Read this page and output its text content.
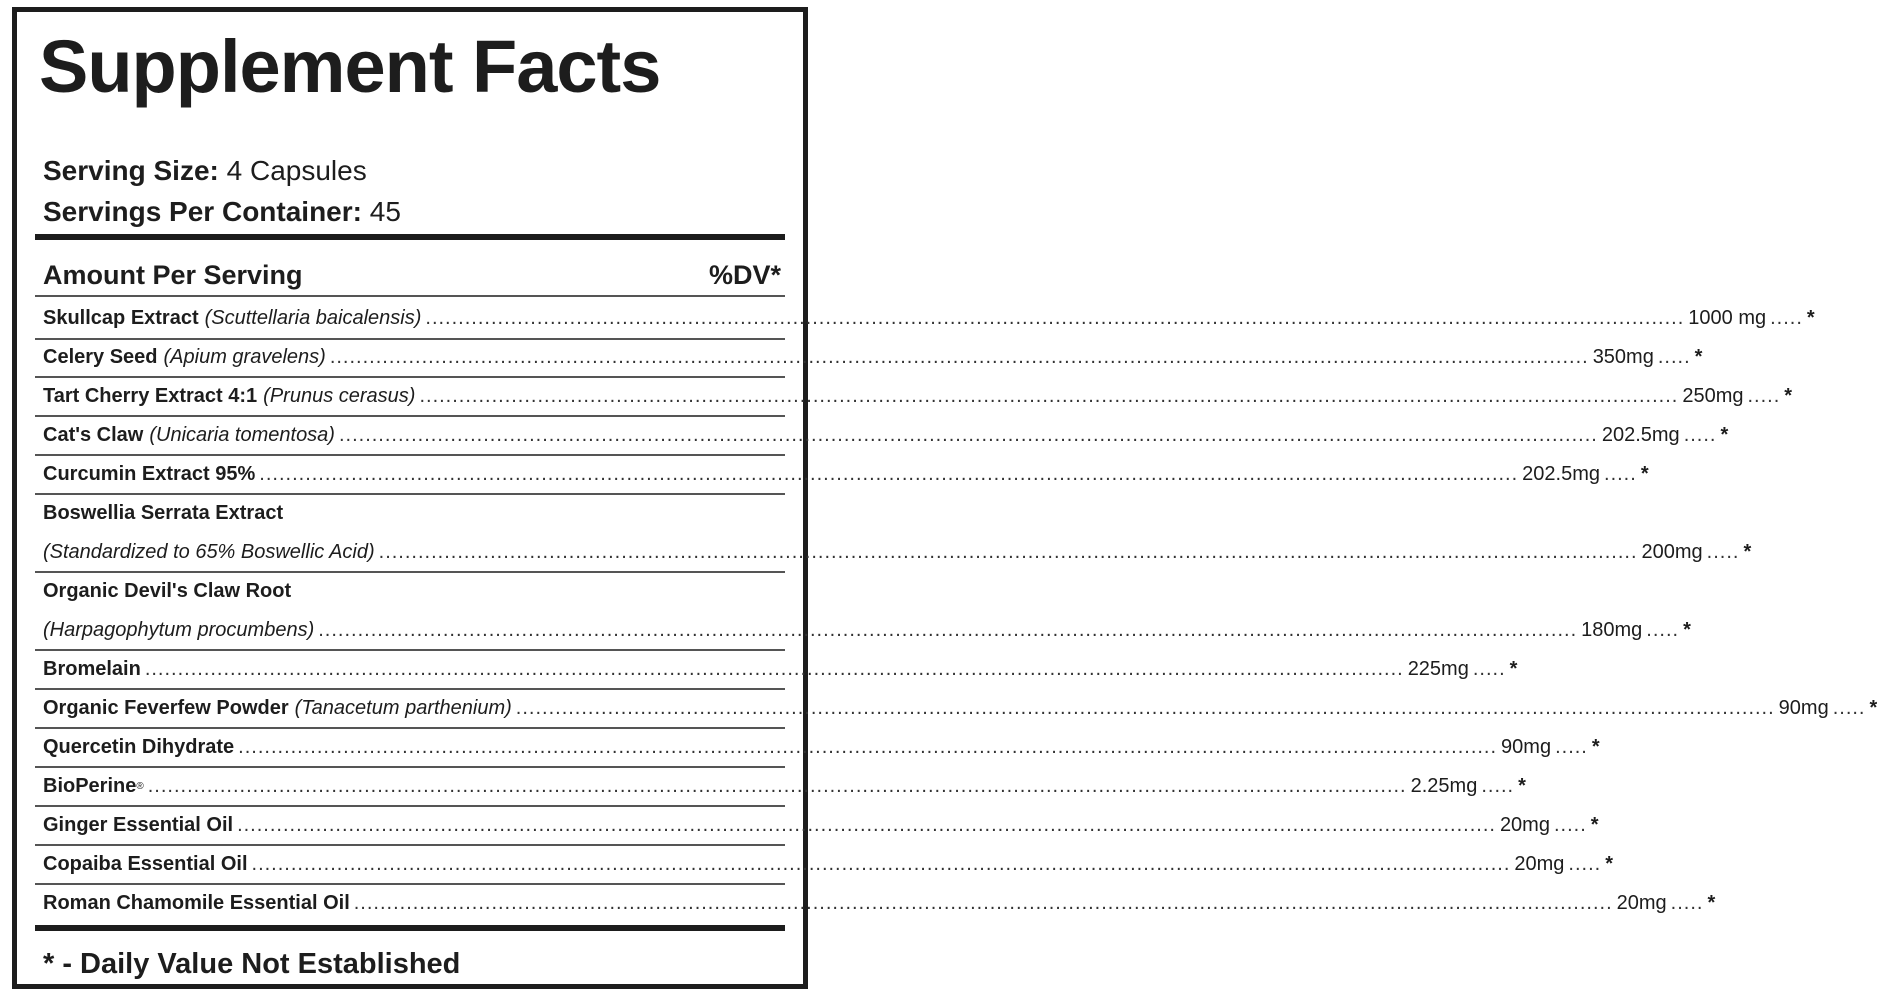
Supplement Facts
Serving Size: 4 Capsules
Servings Per Container: 45
Amount Per Serving	%DV*
Skullcap Extract (Scuttellaria baicalensis) .....	1000 mg ..... *
Celery Seed (Apium gravelens) .....	350mg ..... *
Tart Cherry Extract 4:1 (Prunus cerasus) .....	250mg ..... *
Cat's Claw (Unicaria tomentosa) .....	202.5mg ..... *
Curcumin Extract 95% .....	202.5mg ..... *
Boswellia Serrata Extract
(Standardized to 65% Boswellic Acid) .....	200mg ..... *
Organic Devil's Claw Root
(Harpagophytum procumbens) .....	180mg ..... *
Bromelain .....	225mg ..... *
Organic Feverfew Powder (Tanacetum parthenium) .....	90mg ..... *
Quercetin Dihydrate .....	90mg ..... *
BioPerine ® .....	2.25mg ..... *
Ginger Essential Oil .....	20mg ..... *
Copaiba Essential Oil .....	20mg ..... *
Roman Chamomile Essential Oil .....	20mg ..... *
* - Daily Value Not Established
